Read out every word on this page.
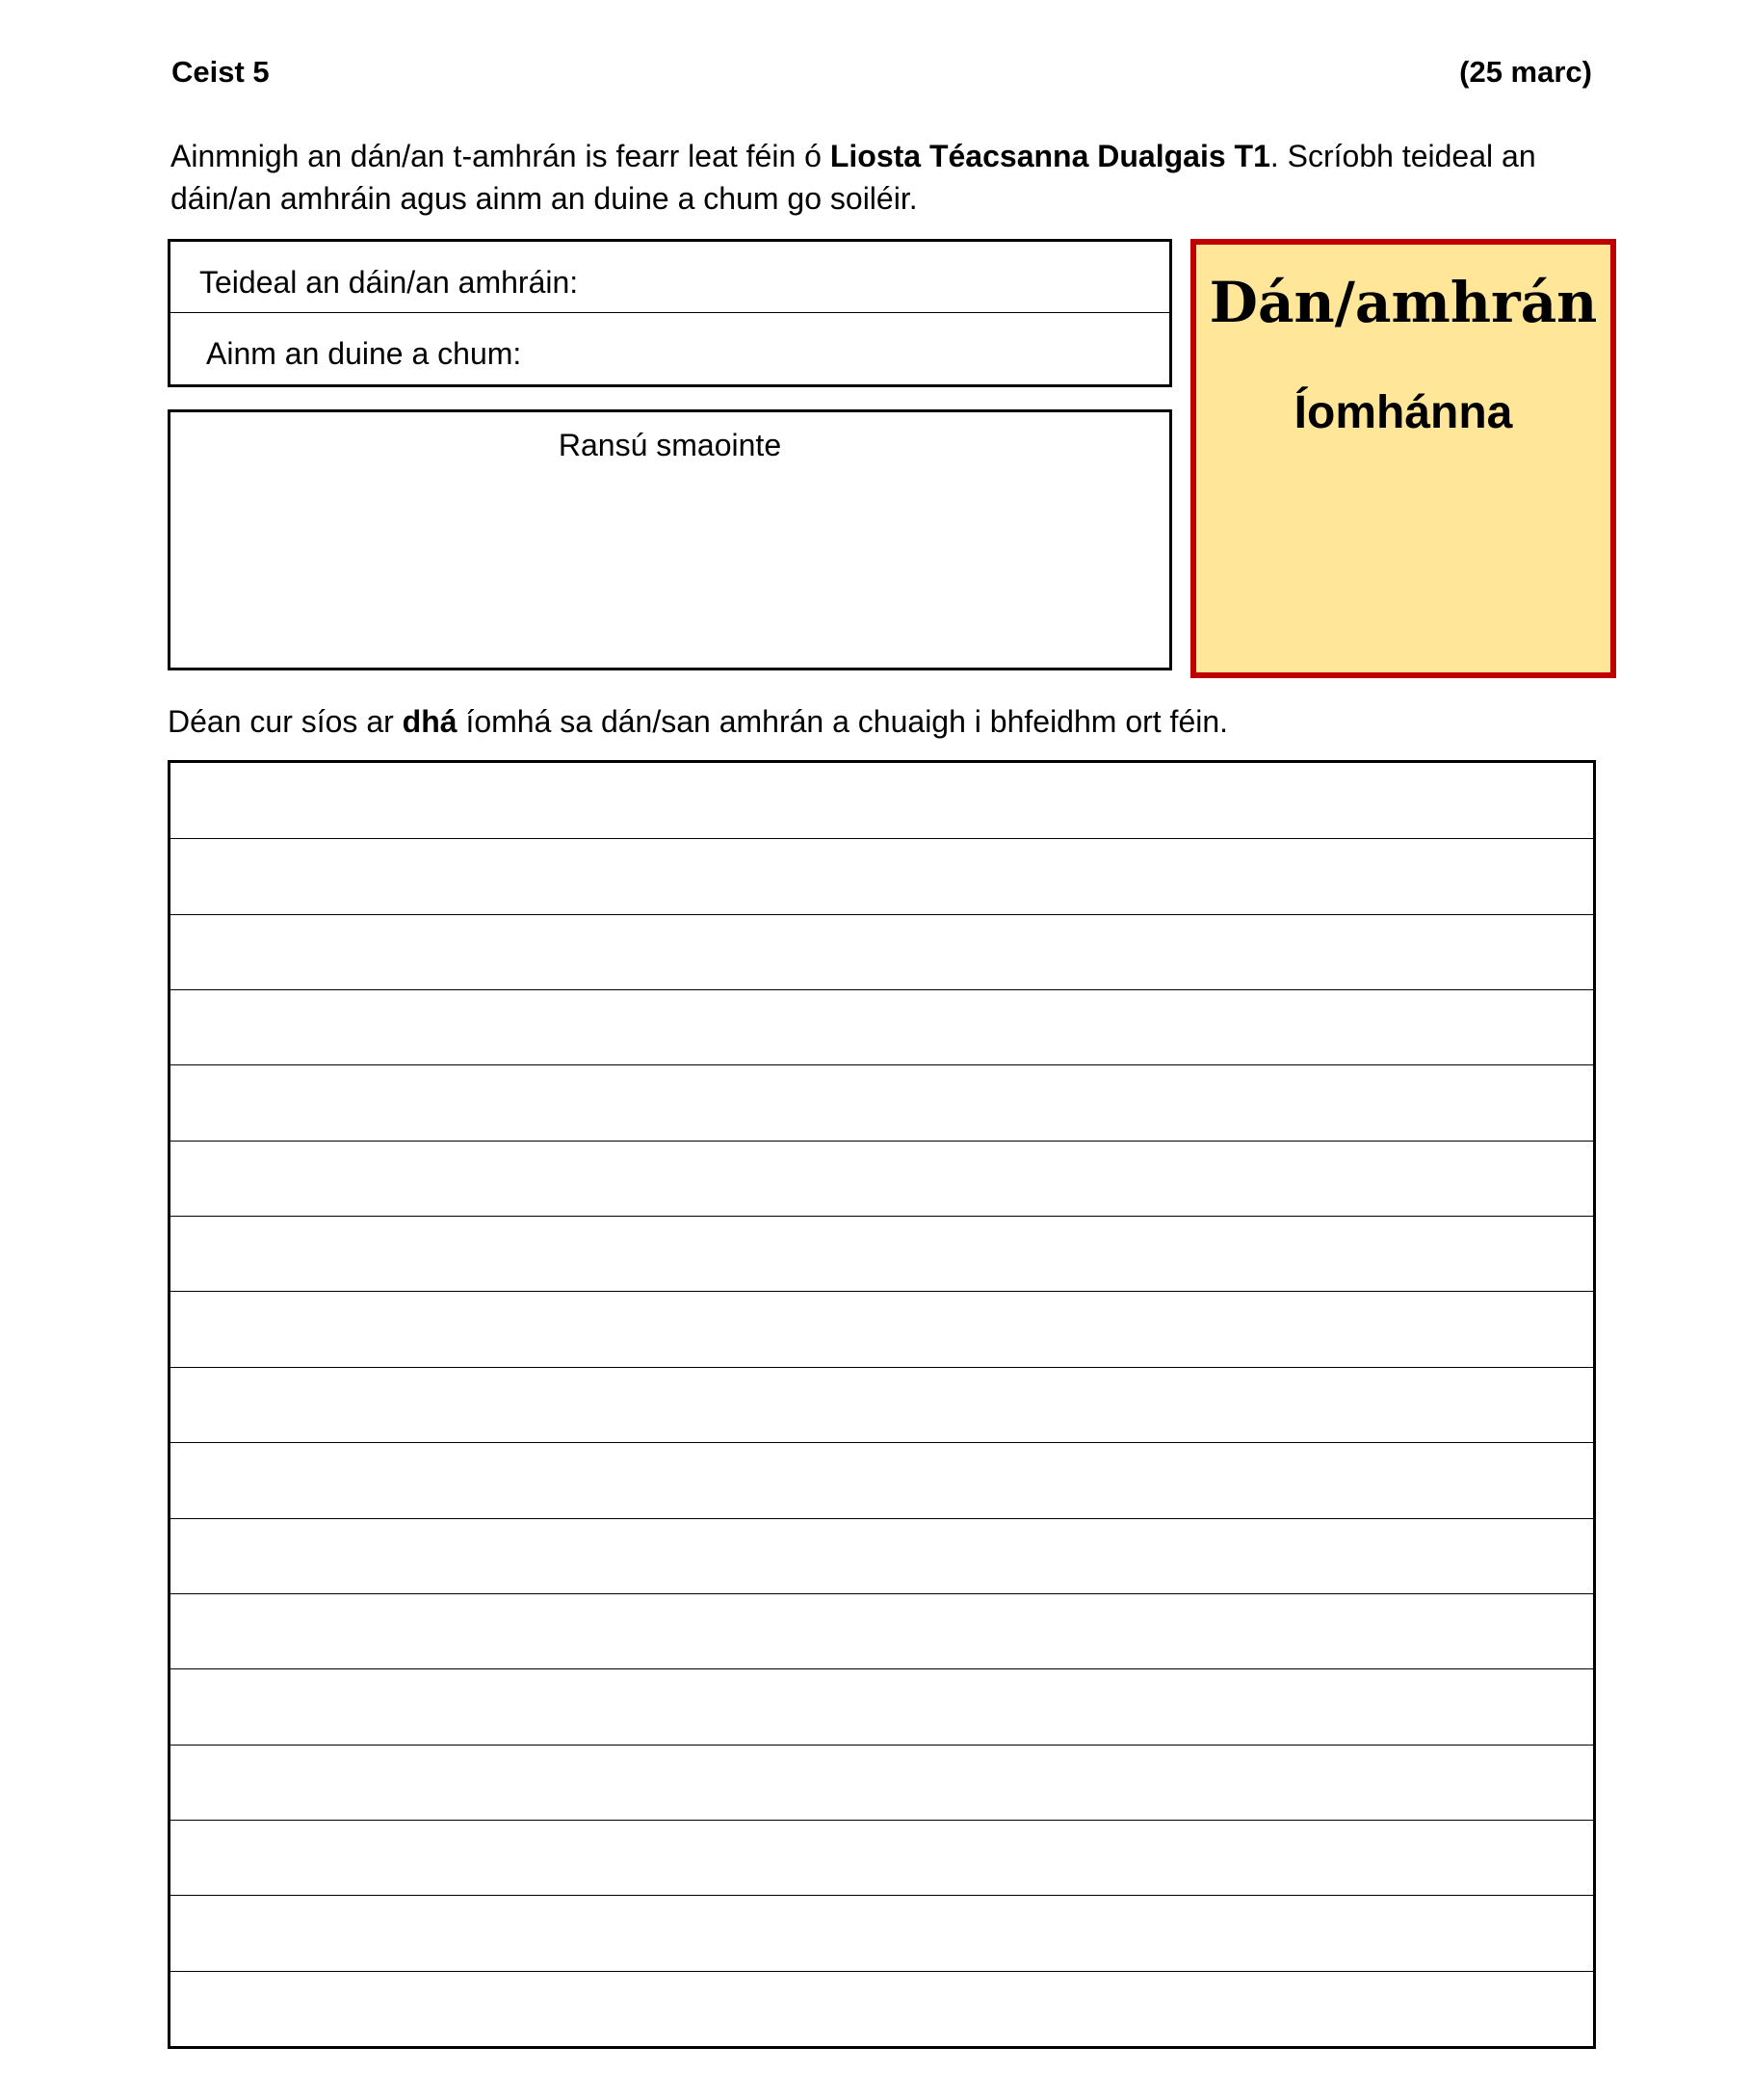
Ceist 5	(25 marc)
Ainmnigh an dán/an t-amhrán is fearr leat féin ó Liosta Téacsanna Dualgais T1. Scríobh teideal an dáin/an amhráin agus ainm an duine a chum go soiléir.
Teideal an dáin/an amhráin:
Ainm an duine a chum:
Ransú smaointe
Dán/amhrán
Íomhánna
Déan cur síos ar dhá íomhá sa dán/san amhrán a chuaigh i bhfeidhm ort féin.
